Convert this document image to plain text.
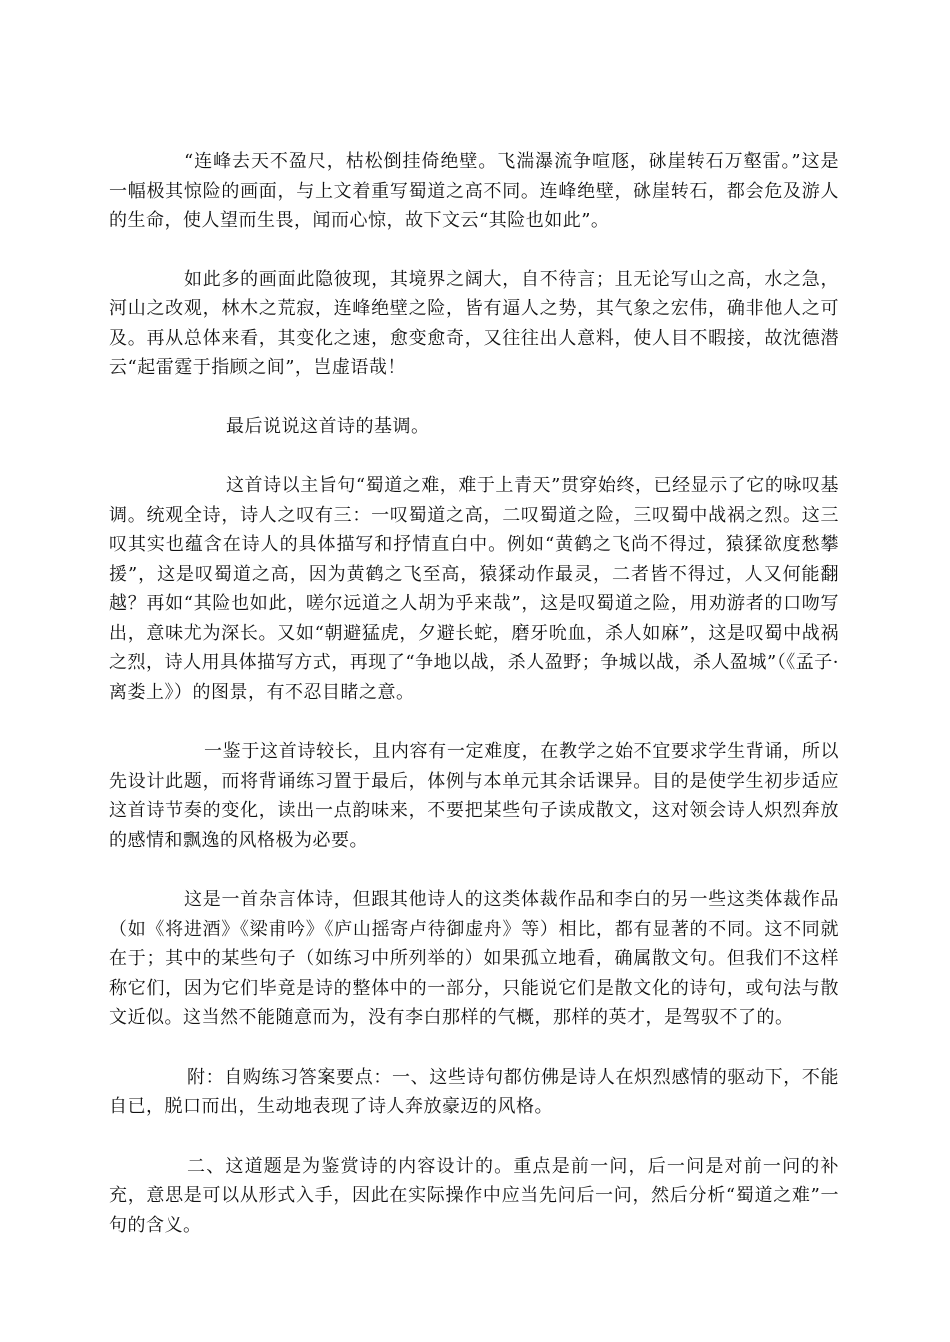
“连峰去天不盈尺，枯松倒挂倚绝壁。飞湍瀑流争喧豗，砯崖转石万壑雷。”这是一幅极其惊险的画面，与上文着重写蜀道之高不同。连峰绝壁，砯崖转石，都会危及游人的生命，使人望而生畏，闻而心惊，故下文云“其险也如此”。

如此多的画面此隐彼现，其境界之阔大，自不待言；且无论写山之高，水之急，河山之改观，林木之荒寂，连峰绝壁之险，皆有逼人之势，其气象之宏伟，确非他人之可及。再从总体来看，其变化之速，愈变愈奇，又往往出人意料，使人目不暇接，故沈德潜云“起雷霆于指顾之间”，岂虚语哉！

最后说说这首诗的基调。

这首诗以主旨句“蜀道之难，难于上青天”贯穿始终，已经显示了它的咏叹基调。统观全诗，诗人之叹有三：一叹蜀道之高，二叹蜀道之险，三叹蜀中战祸之烈。这三叹其实也蕴含在诗人的具体描写和抒情直白中。例如“黄鹤之飞尚不得过，猿猱欲度愁攀援”，这是叹蜀道之高，因为黄鹤之飞至高，猿猱动作最灵，二者皆不得过，人又何能翻越？再如“其险也如此，嗟尔远道之人胡为乎来哉”，这是叹蜀道之险，用劝游者的口吻写出，意味尤为深长。又如“朝避猛虎，夕避长蛇，磨牙吮血，杀人如麻”，这是叹蜀中战祸之烈，诗人用具体描写方式，再现了“争地以战，杀人盈野；争城以战，杀人盈城”（《孟子·离娄上》）的图景，有不忍目睹之意。

一鉴于这首诗较长，且内容有一定难度，在教学之始不宜要求学生背诵，所以先设计此题，而将背诵练习置于最后，体例与本单元其余话课异。目的是使学生初步适应这首诗节奏的变化，读出一点韵味来，不要把某些句子读成散文，这对领会诗人炽烈奔放的感情和飘逸的风格极为必要。

这是一首杂言体诗，但跟其他诗人的这类体裁作品和李白的另一些这类体裁作品（如《将进酒》《梁甫吟》《庐山摇寄卢待御虚舟》等）相比，都有显著的不同。这不同就在于；其中的某些句子（如练习中所列举的）如果孤立地看，确属散文句。但我们不这样称它们，因为它们毕竟是诗的整体中的一部分，只能说它们是散文化的诗句，或句法与散文近似。这当然不能随意而为，没有李白那样的气概，那样的英才，是驾驭不了的。

附：自购练习答案要点：一、这些诗句都仿佛是诗人在炽烈感情的驱动下，不能自已，脱口而出，生动地表现了诗人奔放豪迈的风格。

二、这道题是为鉴赏诗的内容设计的。重点是前一问，后一问是对前一问的补充，意思是可以从形式入手，因此在实际操作中应当先问后一问，然后分析“蜀道之难”一句的含义。
